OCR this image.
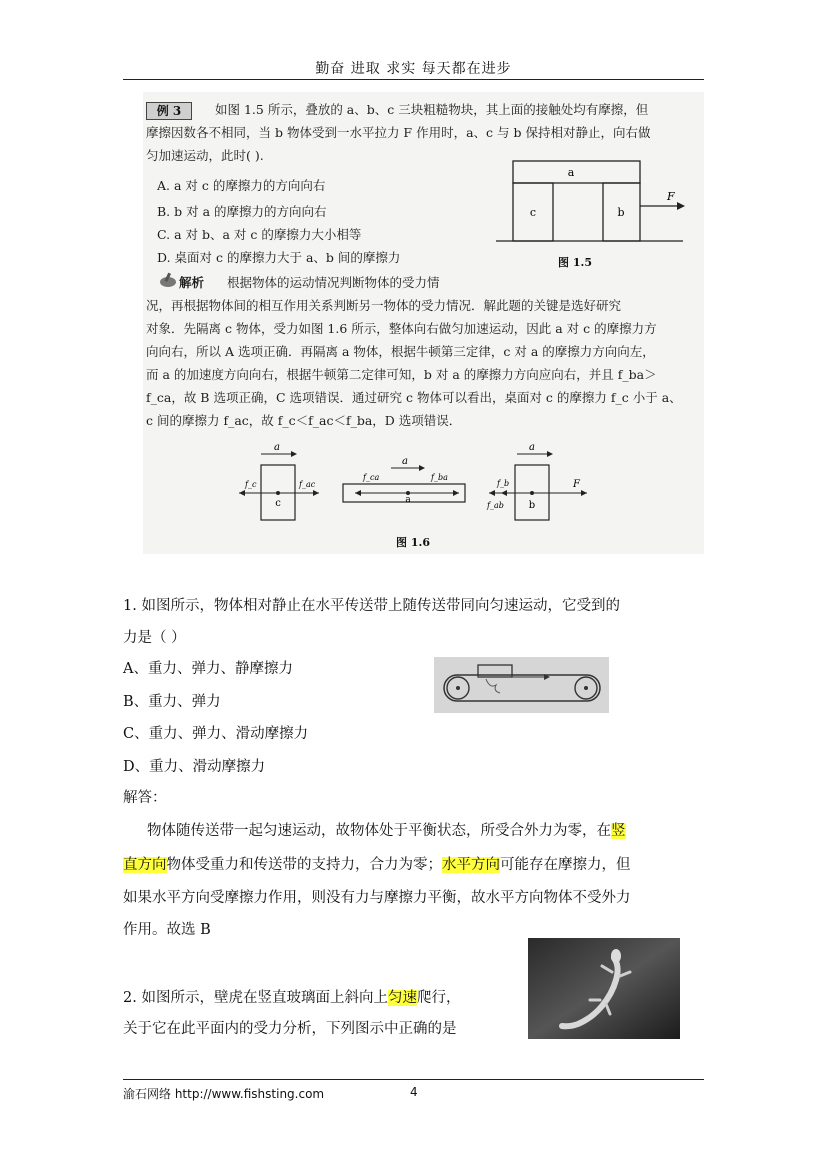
勤奋 进取 求实 每天都在进步
例 3	如图 1.5 所示，叠放的 a、b、c 三块粗糙物块，其上面的接触处均有摩擦，但
摩擦因数各不相同，当 b 物体受到一水平拉力 F 作用时，a、c 与 b 保持相对静止，向右做
匀加速运动，此时( ).
A. a 对 c 的摩擦力的方向向右
B. b 对 a 的摩擦力的方向向右
C. a 对 b、a 对 c 的摩擦力大小相等
D. 桌面对 c 的摩擦力大于 a、b 间的摩擦力
a
c	b
F
图 1.5
解析 根据物体的运动情况判断物体的受力情
况，再根据物体间的相互作用关系判断另一物体的受力情况．解此题的关键是选好研究
对象．先隔离 c 物体，受力如图 1.6 所示，整体向右做匀加速运动，因此 a 对 c 的摩擦力方
向向右，所以 A 选项正确．再隔离 a 物体，根据牛顿第三定律，c 对 a 的摩擦力方向向左，
而 a 的加速度方向向右，根据牛顿第二定律可知，b 对 a 的摩擦力方向应向右，并且 f_ba＞
f_ca，故 B 选项正确，C 选项错误．通过研究 c 物体可以看出，桌面对 c 的摩擦力 f_c 小于 a、
c 间的摩擦力 f_ac，故 f_c＜f_ac＜f_ba，D 选项错误．
a
f_c	f_ac
c
a
f_ca	f_ba
a
a
f_b
f_ab
F
b
图 1.6
1. 如图所示，物体相对静止在水平传送带上随传送带同向匀速运动，它受到的
力是（ ）
A、重力、弹力、静摩擦力
B、重力、弹力
C、重力、弹力、滑动摩擦力
D、重力、滑动摩擦力
解答：
物体随传送带一起匀速运动，故物体处于平衡状态，所受合外力为零，在竖
直方向物体受重力和传送带的支持力，合力为零；水平方向可能存在摩擦力，但
如果水平方向受摩擦力作用，则没有力与摩擦力平衡，故水平方向物体不受外力
作用。故选 B
2. 如图所示，壁虎在竖直玻璃面上斜向上匀速爬行，
关于它在此平面内的受力分析，下列图示中正确的是
渝石网络 http://www.fishsting.com	4
